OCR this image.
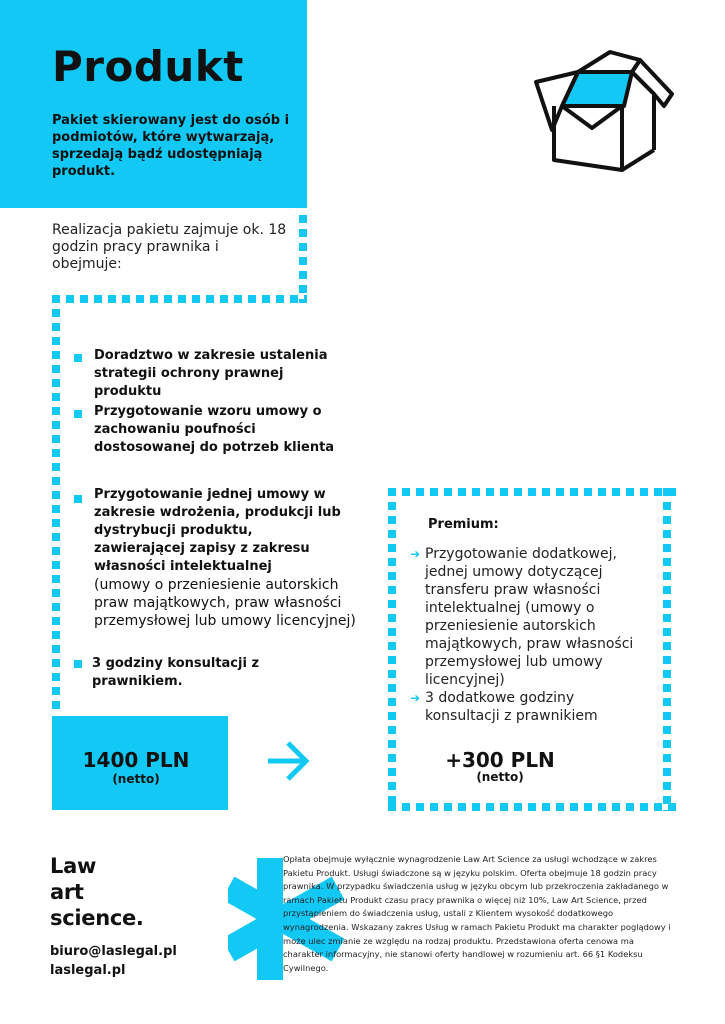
Produkt

Pakiet skierowany jest do osób i podmiotów, które wytwarzają, sprzedają bądź udostępniają produkt.

Realizacja pakietu zajmuje ok. 18 godzin pracy prawnika i obejmuje:

Doradztwo w zakresie ustalenia strategii ochrony prawnej produktu
Przygotowanie wzoru umowy o zachowaniu poufności dostosowanej do potrzeb klienta
Przygotowanie jednej umowy w zakresie wdrożenia, produkcji lub dystrybucji produktu, zawierającej zapisy z zakresu własności intelektualnej
(umowy o przeniesienie autorskich praw majątkowych, praw własności przemysłowej lub umowy licencyjnej)
3 godziny konsultacji z prawnikiem.
1400 PLN
(netto)
Premium:
➔ Przygotowanie dodatkowej, jednej umowy dotyczącej transferu praw własności intelektualnej (umowy o przeniesienie autorskich majątkowych, praw własności przemysłowej lub umowy licencyjnej)
➔ 3 dodatkowe godziny konsultacji z prawnikiem
+300 PLN
(netto)
Law
art
science.
biuro@laslegal.pl
laslegal.pl

Opłata obejmuje wyłącznie wynagrodzenie Law Art Science za usługi wchodzące w zakres Pakietu Produkt. Usługi świadczone są w języku polskim. Oferta obejmuje 18 godzin pracy prawnika. W przypadku świadczenia usług w języku obcym lub przekroczenia zakładanego w ramach Pakietu Produkt czasu pracy prawnika o więcej niż 10%, Law Art Science, przed przystąpieniem do świadczenia usług, ustali z Klientem wysokość dodatkowego wynagrodzenia. Wskazany zakres Usług w ramach Pakietu Produkt ma charakter poglądowy i może ulec zmianie ze względu na rodzaj produktu. Przedstawiona oferta cenowa ma charakter informacyjny, nie stanowi oferty handlowej w rozumieniu art. 66 §1 Kodeksu Cywilnego.
